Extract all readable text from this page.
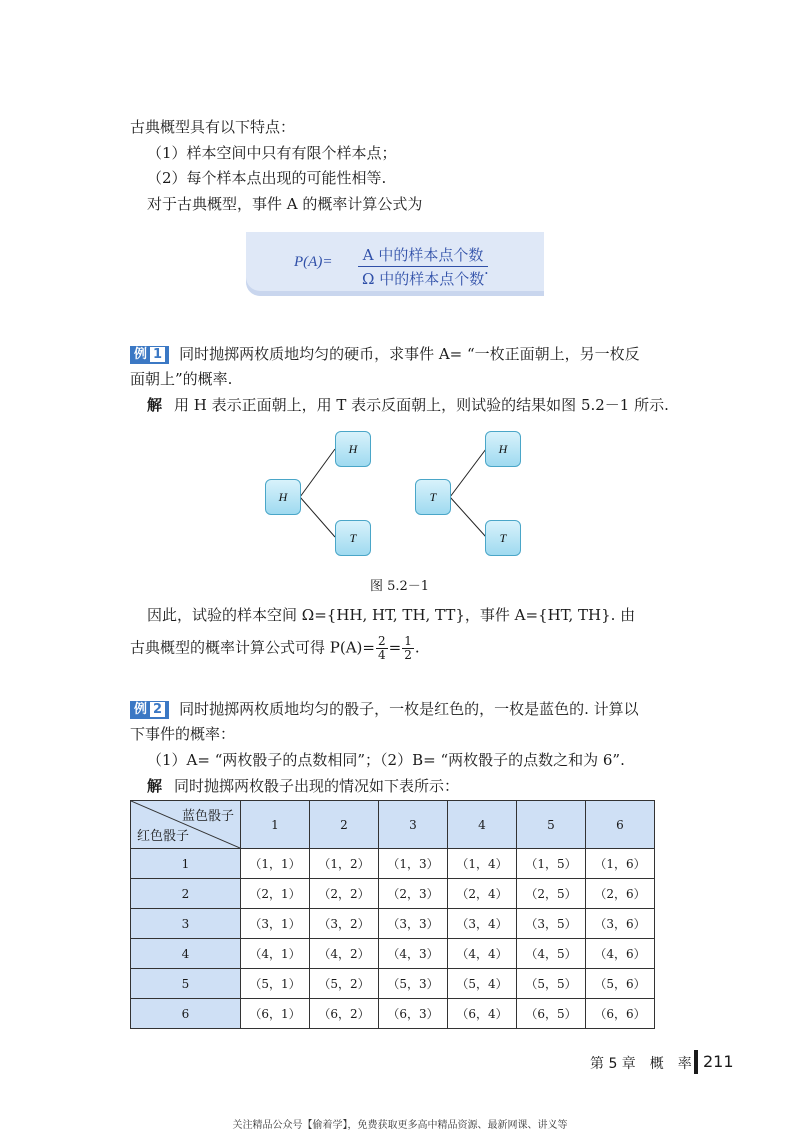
古典概型具有以下特点：
（1）样本空间中只有有限个样本点；
（2）每个样本点出现的可能性相等.
对于古典概型，事件 A 的概率计算公式为
P(A)=	A 中的样本点个数
Ω 中的样本点个数
.
例 1 同时抛掷两枚质地均匀的硬币，求事件 A= “一枚正面朝上，另一枚反
面朝上”的概率.
解 用 H 表示正面朝上，用 T 表示反面朝上，则试验的结果如图 5.2－1 所示.
H
H
T
T
H
T
图 5.2－1
因此，试验的样本空间 Ω={HH, HT, TH, TT}，事件 A={HT, TH}. 由
古典概型的概率计算公式可得 $P(A)= \frac{2}{4} = \frac{1}{2}$ .
例 2 同时抛掷两枚质地均匀的骰子，一枚是红色的，一枚是蓝色的. 计算以
下事件的概率：
（1）A= “两枚骰子的点数相同”；（2）B= “两枚骰子的点数之和为 6”.
解 同时抛掷两枚骰子出现的情况如下表所示：
蓝色骰子
红色骰子	1	2	3	4	5	6
1	（1，1）	（1，2）	（1，3）	（1，4）	（1，5）	（1，6）
2	（2，1）	（2，2）	（2，3）	（2，4）	（2，5）	（2，6）
3	（3，1）	（3，2）	（3，3）	（3，4）	（3，5）	（3，6）
4	（4，1）	（4，2）	（4，3）	（4，4）	（4，5）	（4，6）
5	（5，1）	（5，2）	（5，3）	（5，4）	（5，5）	（5，6）
6	（6，1）	（6，2）	（6，3）	（6，4）	（6，5）	（6，6）
第 5 章　概　率 211
关注精品公众号【偷着学】，免费获取更多高中精品资源、最新网课、讲义等
